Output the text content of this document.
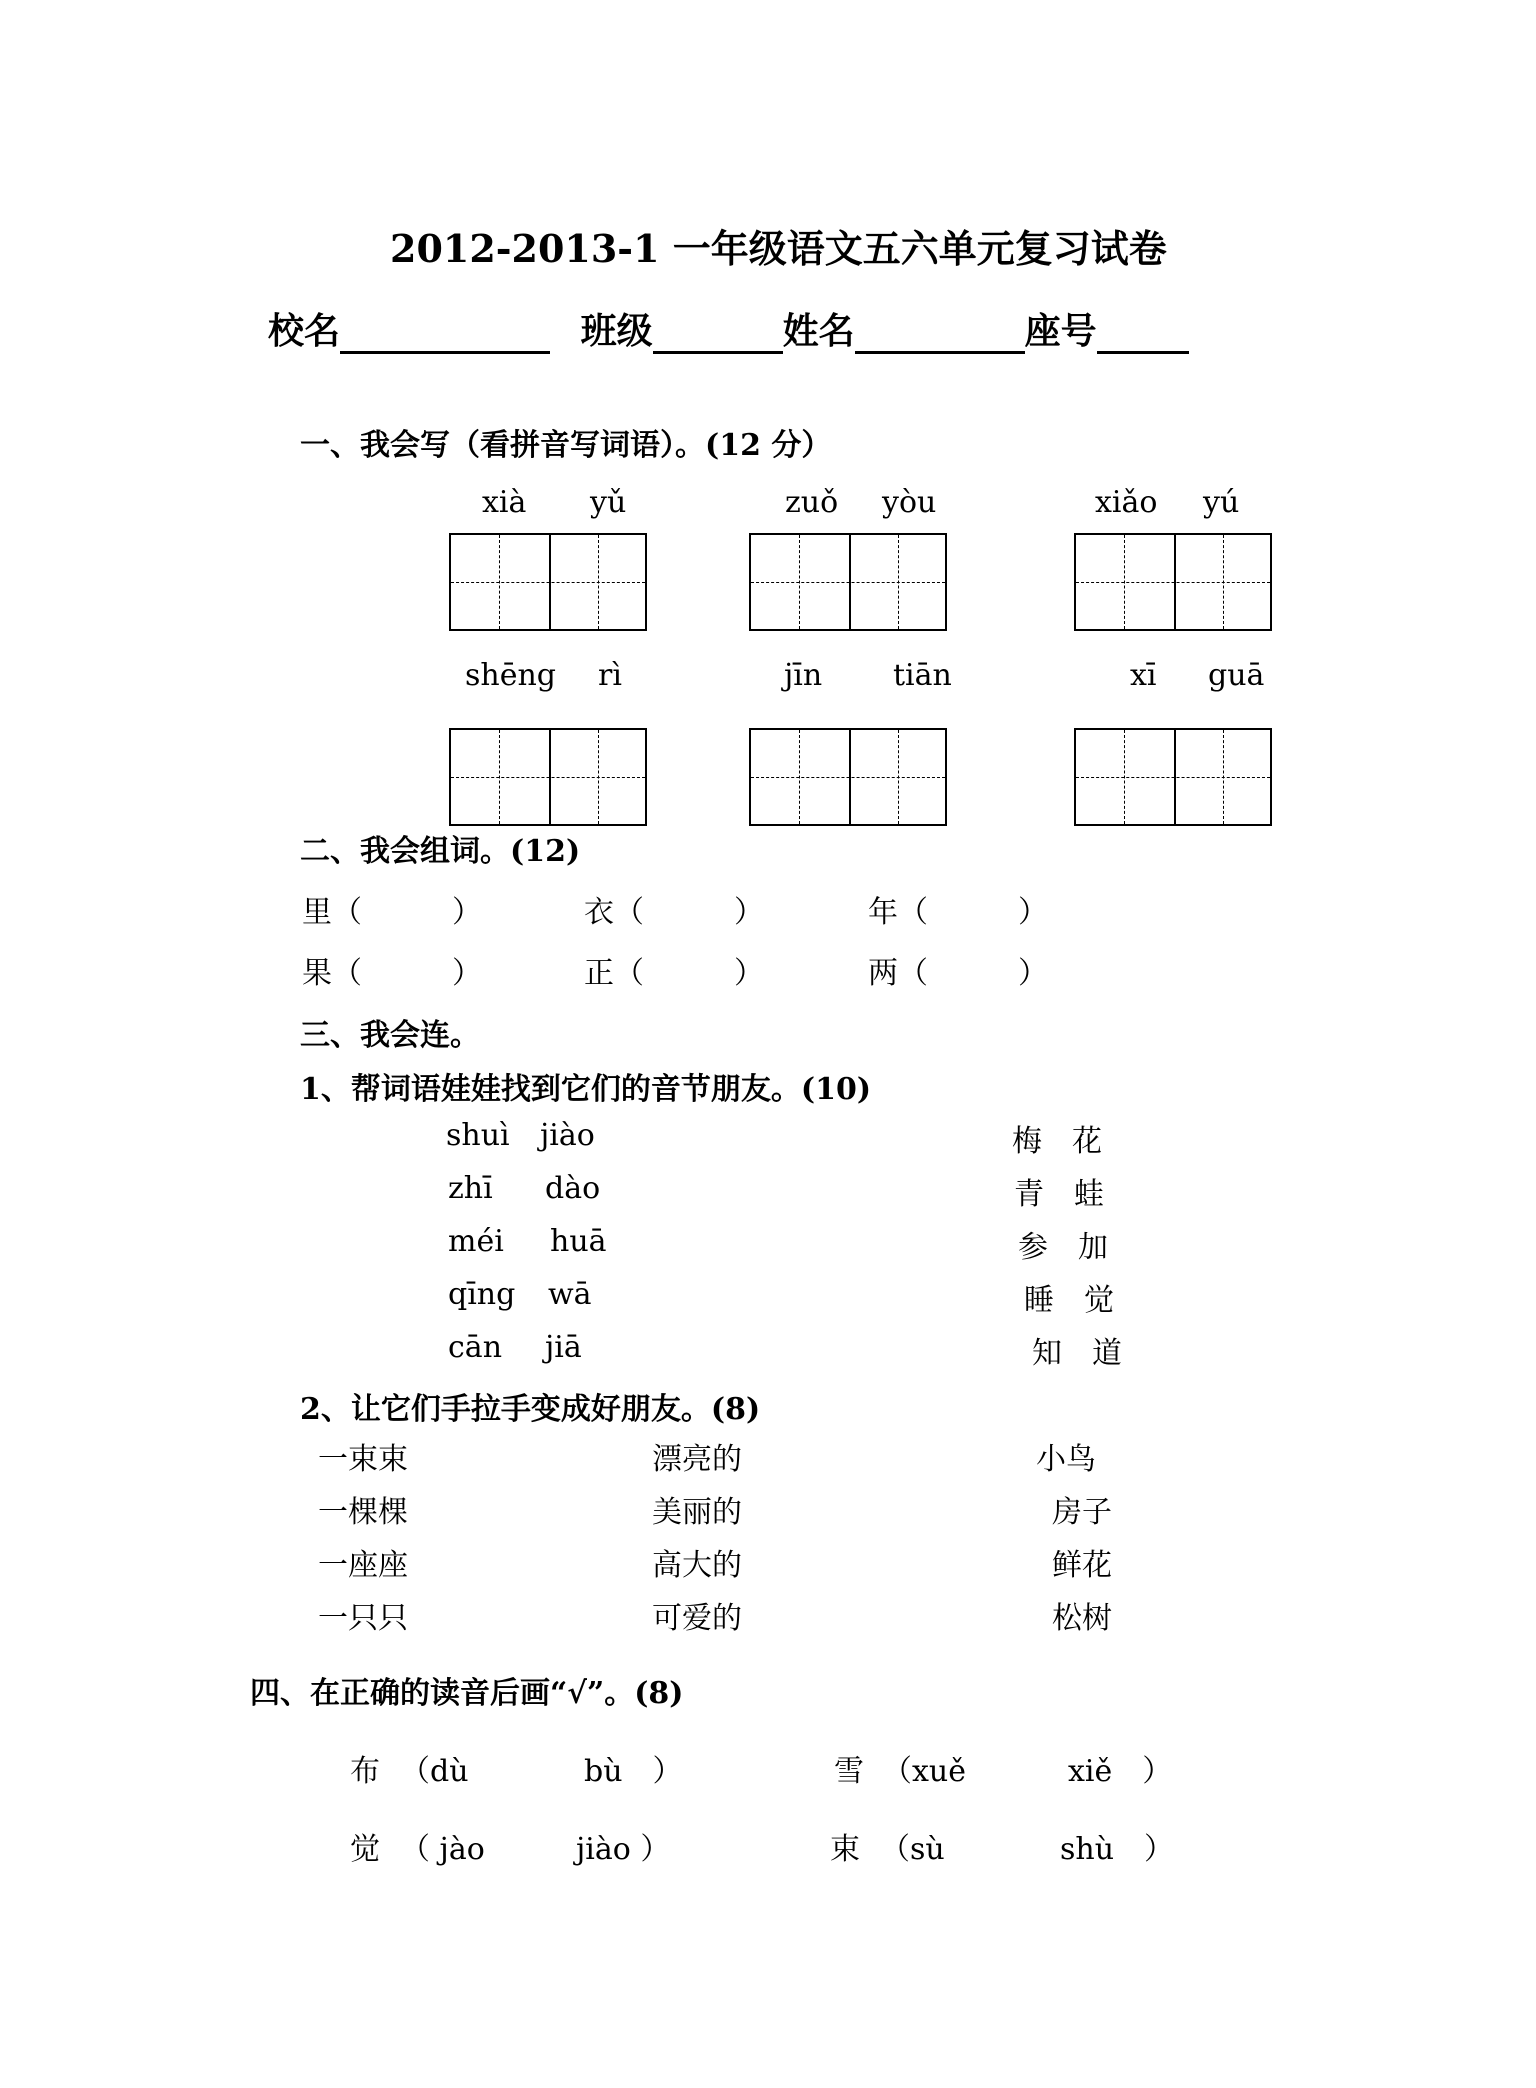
2012-2013-1 一年级语文五六单元复习试卷
校名	班级	姓名	座号
一、我会写（看拼音写词语）。(12 分）
xià yǔ	zuǒ yòu	xiǎo yú
shēng rì	jīn tiān	xī guā
二、我会组词。(12)
里（　　　）	衣（　　　）	年（　　　）
果（　　　）	正（　　　）	两（　　　）
三、我会连。
1、帮词语娃娃找到它们的音节朋友。(10)
shuì jiào
zhī dào
méi huā
qīng wā
cān jiā
梅　花
青　蛙
参　加
睡　觉
知　道
2、让它们手拉手变成好朋友。(8)
一束束
一棵棵
一座座
一只只
漂亮的
美丽的
高大的
可爱的
小鸟
房子
鲜花
松树
四、在正确的读音后画“√”。(8)
布 （dù	bù　）	雪 （xuě	xiě　）
觉 （ jào	jiào ）	束 （sù	shù　）
